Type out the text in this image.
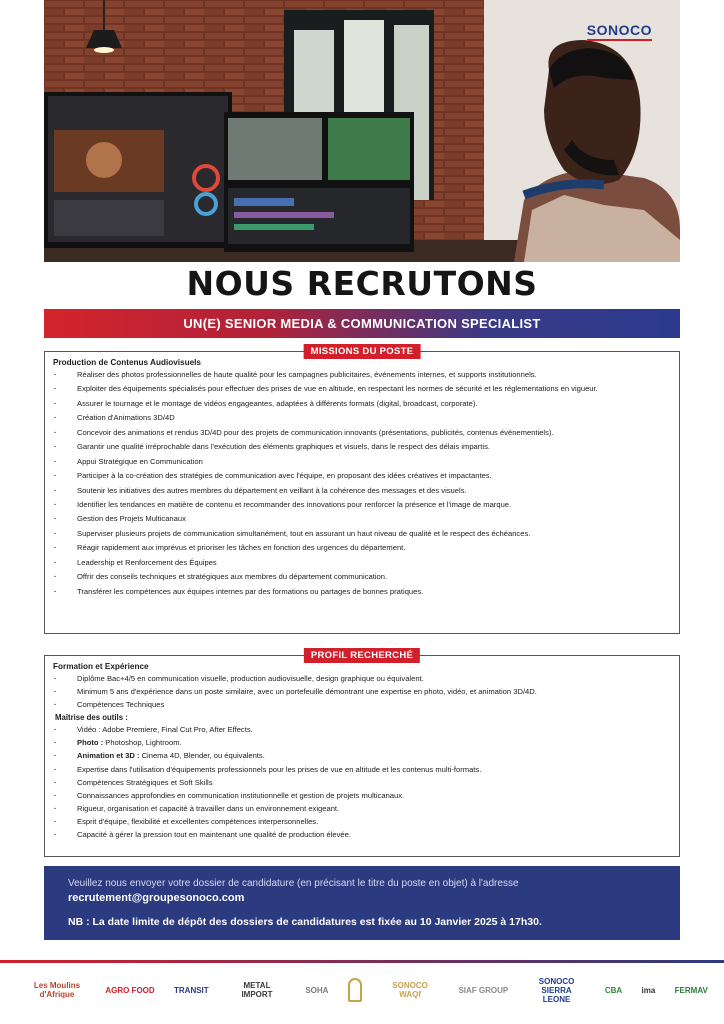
SONOCO
NOUS RECRUTONS
UN(E) SENIOR MEDIA & COMMUNICATION SPECIALIST
MISSIONS DU POSTE
Production de Contenus Audiovisuels
· Réaliser des photos professionnelles de haute qualité pour les campagnes publicitaires, événements internes, et supports institutionnels.
· Exploiter des équipements spécialisés pour effectuer des prises de vue en altitude, en respectant les normes de sécurité et les réglementations en vigueur.
· Assurer le tournage et le montage de vidéos engageantes, adaptées à différents formats (digital, broadcast, corporate).
· Création d'Animations 3D/4D
· Concevoir des animations et rendus 3D/4D pour des projets de communication innovants (présentations, publicités, contenus événementiels).
· Garantir une qualité irréprochable dans l'exécution des éléments graphiques et visuels, dans le respect des délais impartis.
· Appui Stratégique en Communication
· Participer à la co-création des stratégies de communication avec l'équipe, en proposant des idées créatives et impactantes.
· Soutenir les initiatives des autres membres du département en veillant à la cohérence des messages et des visuels.
· Identifier les tendances en matière de contenu et recommander des innovations pour renforcer la présence et l'image de marque.
· Gestion des Projets Multicanaux
· Superviser plusieurs projets de communication simultanément, tout en assurant un haut niveau de qualité et le respect des échéances.
· Réagir rapidement aux imprévus et prioriser les tâches en fonction des urgences du département.
· Leadership et Renforcement des Équipes
· Offrir des conseils techniques et stratégiques aux membres du département communication.
· Transférer les compétences aux équipes internes par des formations ou partages de bonnes pratiques.
PROFIL RECHERCHÉ
Formation et Expérience
· Diplôme Bac+4/5 en communication visuelle, production audiovisuelle, design graphique ou équivalent.
· Minimum 5 ans d'expérience dans un poste similaire, avec un portefeuille démontrant une expertise en photo, vidéo, et animation 3D/4D.
· Compétences Techniques
Maîtrise des outils :
· Vidéo : Adobe Premiere, Final Cut Pro, After Effects.
· Photo : Photoshop, Lightroom.
· Animation et 3D : Cinema 4D, Blender, ou équivalents.
· Expertise dans l'utilisation d'équipements professionnels pour les prises de vue en altitude et les contenus multi-formats.
· Compétences Stratégiques et Soft Skills
· Connaissances approfondies en communication institutionnelle et gestion de projets multicanaux.
· Rigueur, organisation et capacité à travailler dans un environnement exigeant.
· Esprit d'équipe, flexibilité et excellentes compétences interpersonnelles.
· Capacité à gérer la pression tout en maintenant une qualité de production élevée.
Veuillez nous envoyer votre dossier de candidature (en précisant le titre du poste en objet) à l'adresse
recrutement@groupesonoco.com
NB : La date limite de dépôt des dossiers de candidatures est fixée au 10 Janvier 2025 à 17h30.
Les Moulins d'Afrique	AGRO FOOD TRANSIT	METAL IMPORT	SOHA	SONOCO WAQf	SIAF GROUP
SONOCO SIERRA LEONE
CBA ima FERMAV
